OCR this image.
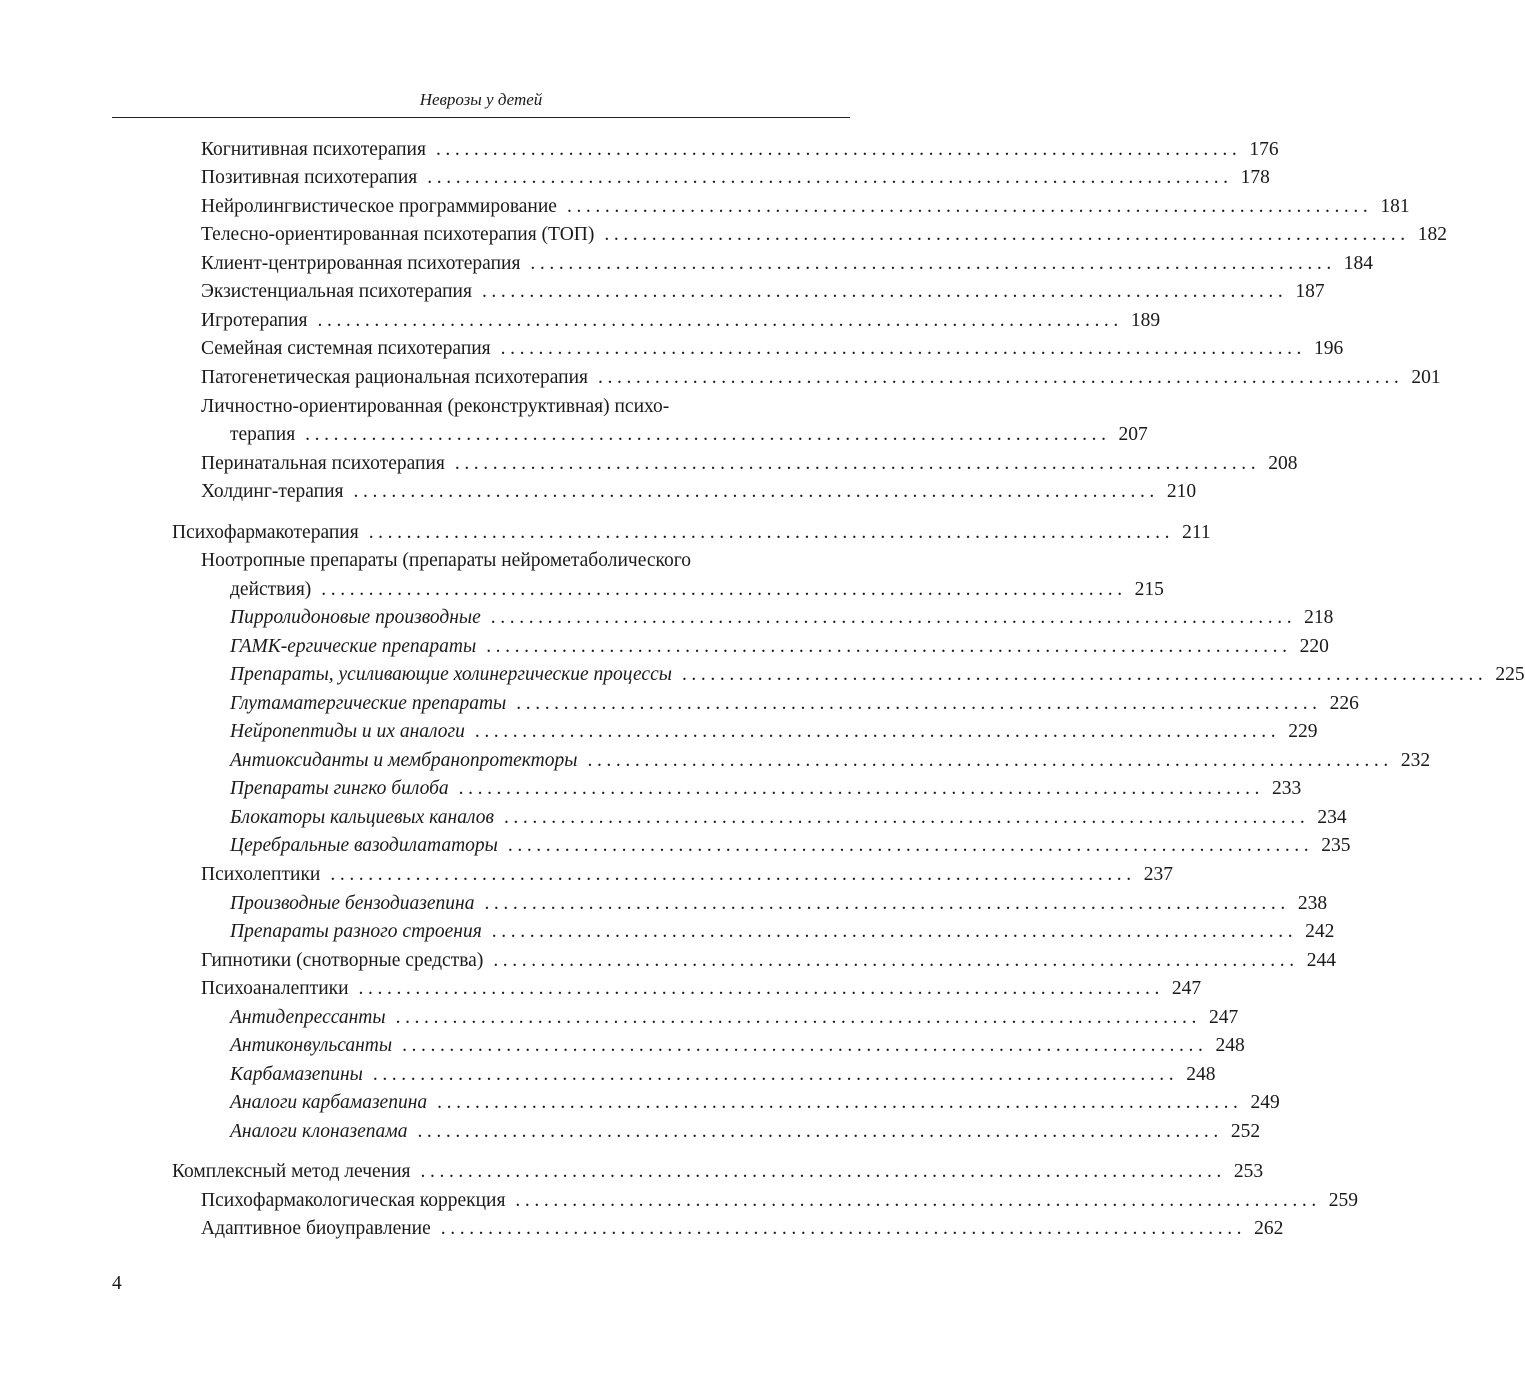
Неврозы у детей
Когнитивная психотерапия ..................................................................................... 176
Позитивная психотерапия ..................................................................................... 178
Нейролингвистическое программирование ..................................................................................... 181
Телесно-ориентированная психотерапия (ТОП) ..................................................................................... 182
Клиент-центрированная психотерапия ..................................................................................... 184
Экзистенциальная психотерапия ..................................................................................... 187
Игротерапия ..................................................................................... 189
Семейная системная психотерапия ..................................................................................... 196
Патогенетическая рациональная психотерапия ..................................................................................... 201
Личностно-ориентированная (реконструктивная) психо-
терапия ..................................................................................... 207
Перинатальная психотерапия ..................................................................................... 208
Холдинг-терапия ..................................................................................... 210
Психофармакотерапия ..................................................................................... 211
Ноотропные препараты (препараты нейрометаболического
действия) ..................................................................................... 215
Пирролидоновые производные ..................................................................................... 218
ГАМК-ергические препараты ..................................................................................... 220
Препараты, усиливающие холинергические процессы ..................................................................................... 225
Глутаматергические препараты ..................................................................................... 226
Нейропептиды и их аналоги ..................................................................................... 229
Антиоксиданты и мембранопротекторы ..................................................................................... 232
Препараты гингко билоба ..................................................................................... 233
Блокаторы кальциевых каналов ..................................................................................... 234
Церебральные вазодилататоры ..................................................................................... 235
Психолептики ..................................................................................... 237
Производные бензодиазепина ..................................................................................... 238
Препараты разного строения ..................................................................................... 242
Гипнотики (снотворные средства) ..................................................................................... 244
Психоаналептики ..................................................................................... 247
Антидепрессанты ..................................................................................... 247
Антиконвульсанты ..................................................................................... 248
Карбамазепины ..................................................................................... 248
Аналоги карбамазепина ..................................................................................... 249
Аналоги клоназепама ..................................................................................... 252
Комплексный метод лечения ..................................................................................... 253
Психофармакологическая коррекция ..................................................................................... 259
Адаптивное биоуправление ..................................................................................... 262
4
